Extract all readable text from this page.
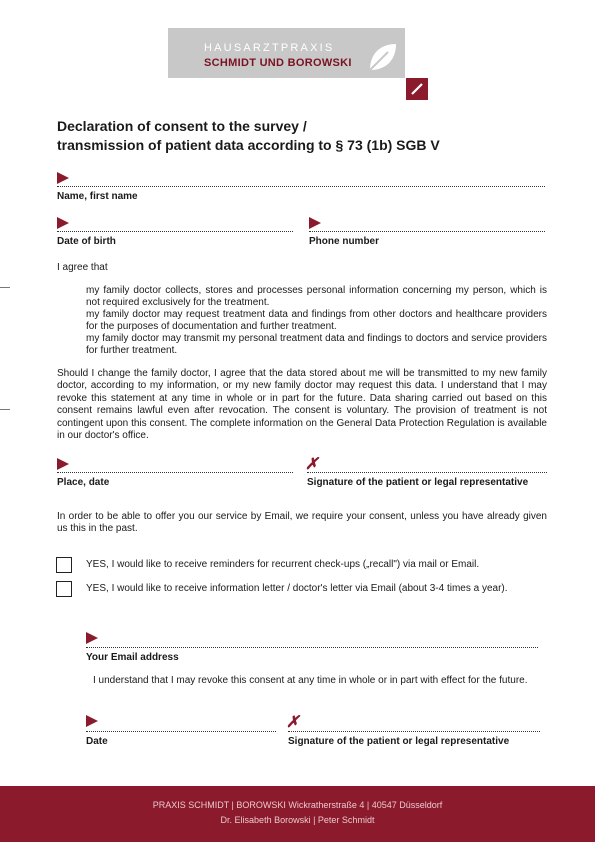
HAUSARZTPRAXIS
SCHMIDT UND BOROWSKI
Declaration of consent to the survey /
transmission of patient data according to § 73 (1b) SGB V
Name, first name
Date of birth	Phone number
I agree that
my family doctor collects, stores and processes personal information concerning my person, which is not required exclusively for the treatment.
my family doctor may request treatment data and findings from other doctors and healthcare providers for the purposes of documentation and further treatment.
my family doctor may transmit my personal treatment data and findings to doctors and service providers for further treatment.
Should I change the family doctor, I agree that the data stored about me will be transmitted to my new family doctor, according to my information, or my new family doctor may request this data. I understand that I may revoke this statement at any time in whole or in part for the future. Data sharing carried out based on this consent remains lawful even after revocation. The consent is voluntary. The provision of treatment is not contingent upon this consent. The complete information on the General Data Protection Regulation is available in our doctor's office.
Place, date
✗
Signature of the patient or legal representative
In order to be able to offer you our service by Email, we require your consent, unless you have already given us this in the past.
YES, I would like to receive reminders for recurrent check-ups („recall") via mail or Email.
YES, I would like to receive information letter / doctor's letter via Email (about 3-4 times a year).
Your Email address
I understand that I may revoke this consent at any time in whole or in part with effect for the future.
Date
✗
Signature of the patient or legal representative
PRAXIS SCHMIDT | BOROWSKI Wickratherstraße 4 | 40547 Düsseldorf
Dr. Elisabeth Borowski | Peter Schmidt
